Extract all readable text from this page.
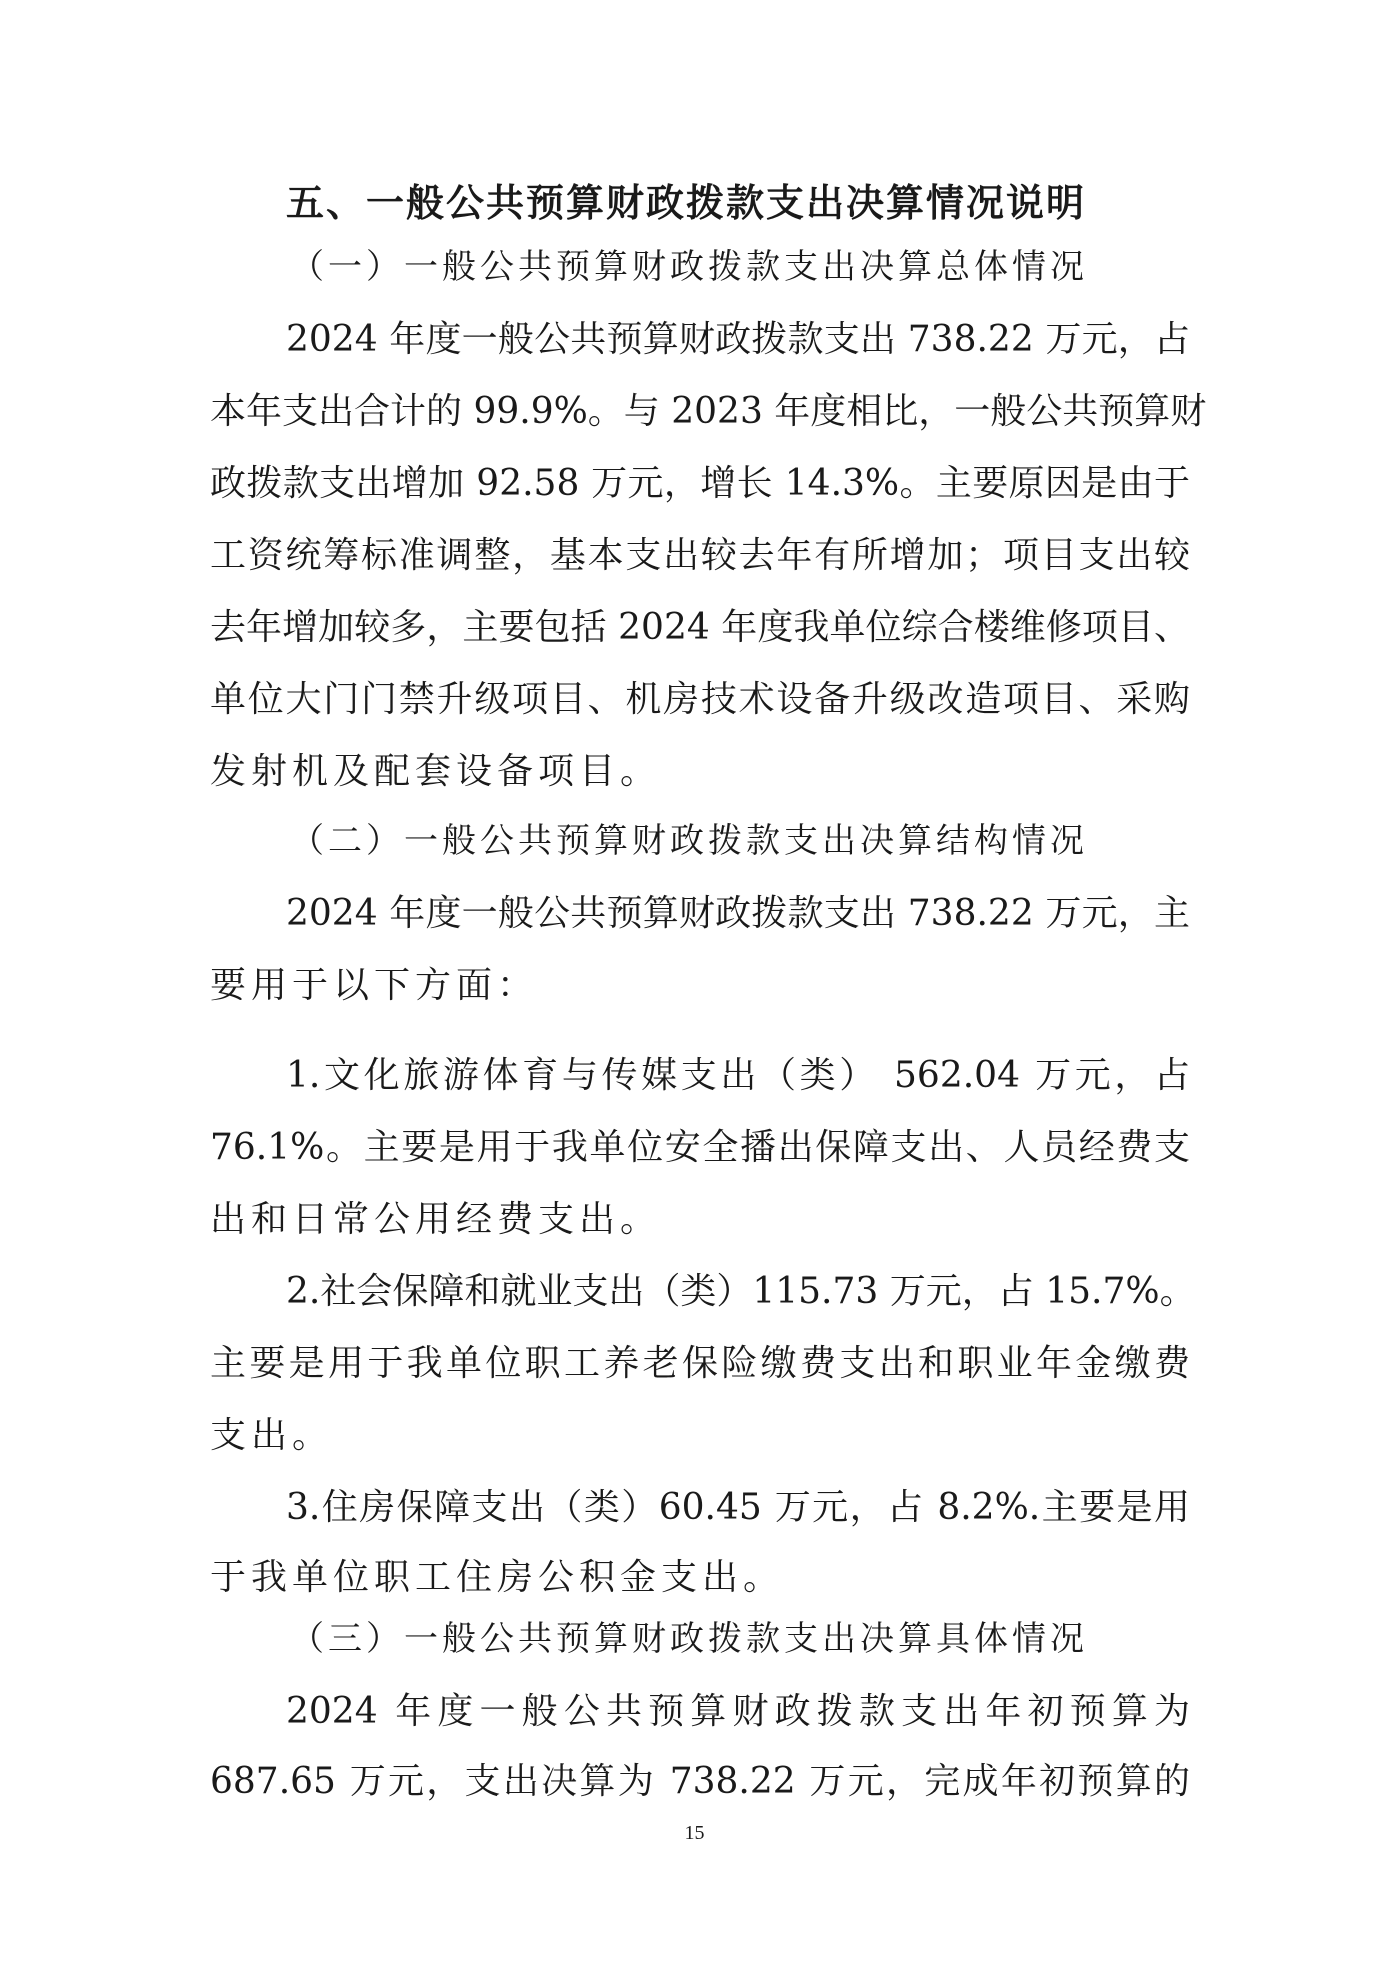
五、一般公共预算财政拨款支出决算情况说明
（一）一般公共预算财政拨款支出决算总体情况
2024 年度一般公共预算财政拨款支出 738.22 万元，占
本年支出合计的 99.9%。与 2023 年度相比，一般公共预算财
政拨款支出增加 92.58 万元，增长 14.3%。主要原因是由于
工资统筹标准调整，基本支出较去年有所增加；项目支出较
去年增加较多，主要包括 2024 年度我单位综合楼维修项目、
单位大门门禁升级项目、机房技术设备升级改造项目、采购
发射机及配套设备项目。
（二）一般公共预算财政拨款支出决算结构情况
2024 年度一般公共预算财政拨款支出 738.22 万元，主
要用于以下方面：
1.文化旅游体育与传媒支出（类） 562.04 万元，占
76.1%。主要是用于我单位安全播出保障支出、人员经费支
出和日常公用经费支出。
2.社会保障和就业支出（类）115.73 万元，占 15.7%。
主要是用于我单位职工养老保险缴费支出和职业年金缴费
支出。
3.住房保障支出（类）60.45 万元，占 8.2%.主要是用
于我单位职工住房公积金支出。
（三）一般公共预算财政拨款支出决算具体情况
2024 年度一般公共预算财政拨款支出年初预算为
687.65 万元，支出决算为 738.22 万元，完成年初预算的
15
